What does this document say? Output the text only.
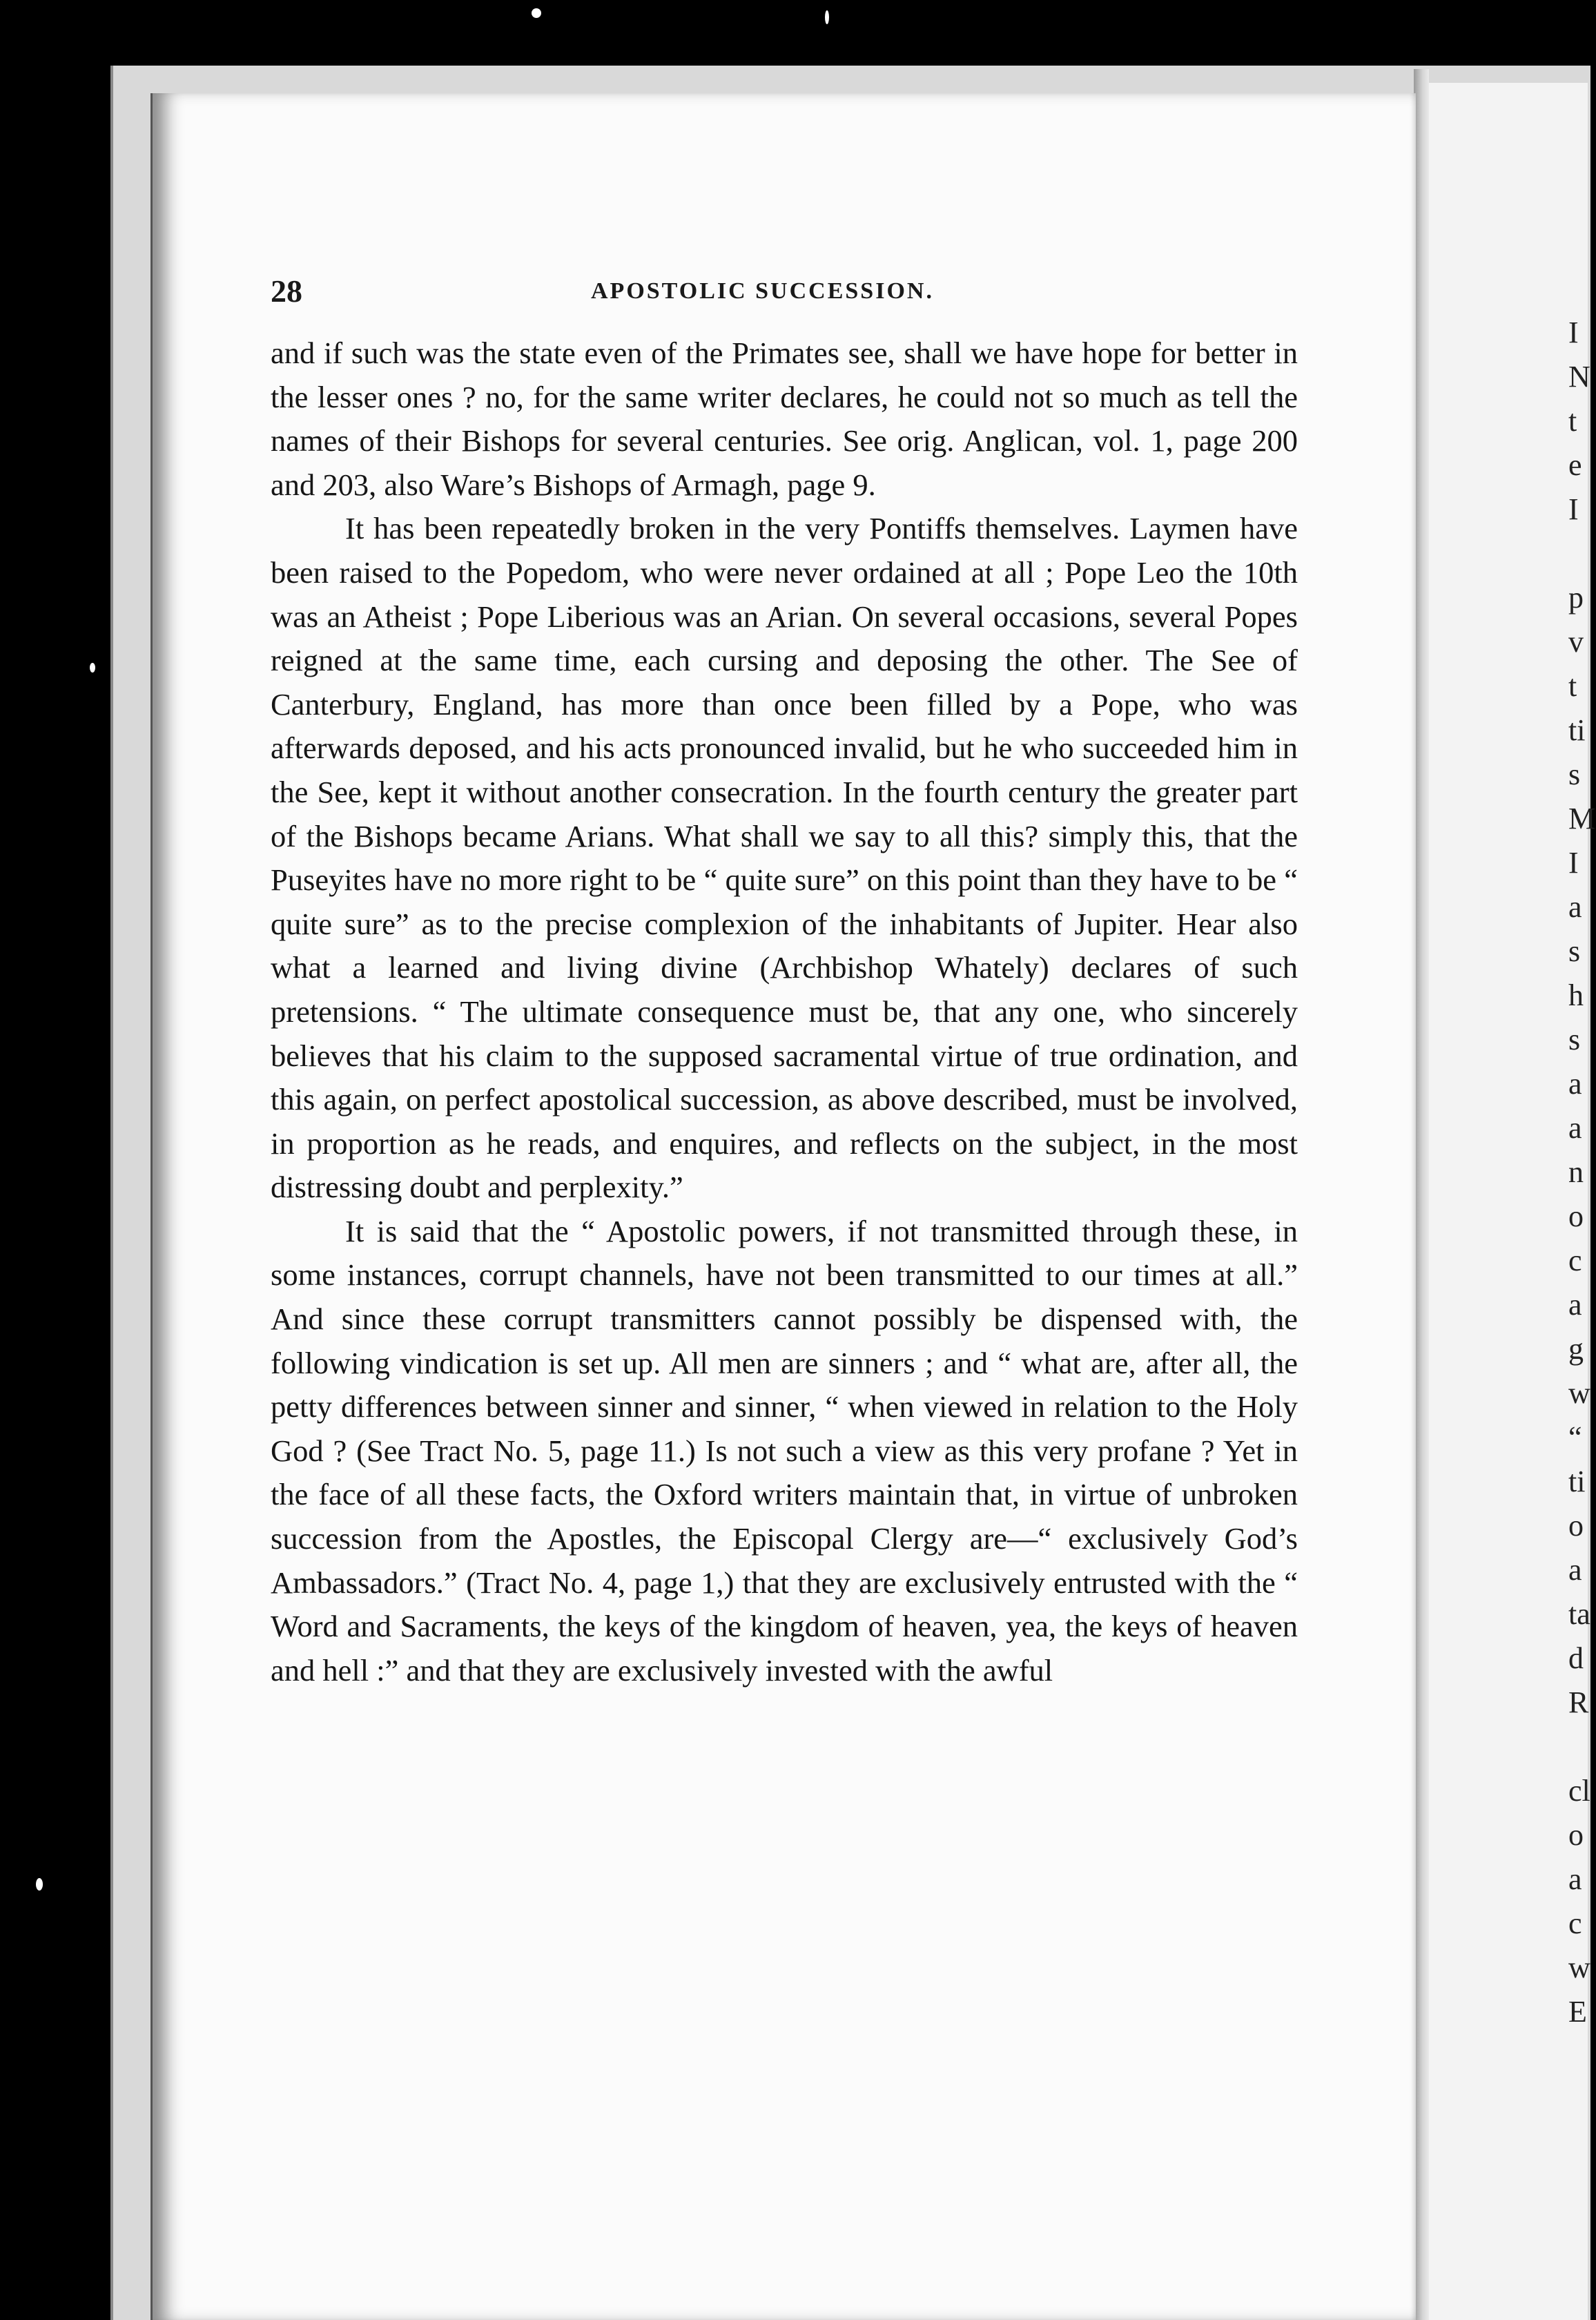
28	APOSTOLIC SUCCESSION.

and if such was the state even of the Primates see, shall we have hope for better in the lesser ones ? no, for the same writer declares, he could not so much as tell the names of their Bishops for several centuries. See orig. Anglican, vol. 1, page 200 and 203, also Ware’s Bishops of Armagh, page 9.

It has been repeatedly broken in the very Pontiffs themselves. Laymen have been raised to the Popedom, who were never ordained at all ; Pope Leo the 10th was an Atheist ; Pope Liberious was an Arian. On several occasions, several Popes reigned at the same time, each cursing and deposing the other. The See of Canterbury, England, has more than once been filled by a Pope, who was afterwards deposed, and his acts pronounced invalid, but he who succeeded him in the See, kept it without another consecration. In the fourth century the greater part of the Bishops became Arians. What shall we say to all this? simply this, that the Puseyites have no more right to be “ quite sure” on this point than they have to be “ quite sure” as to the precise complexion of the inhabitants of Jupiter. Hear also what a learned and living divine (Archbishop Whately) declares of such pretensions. “ The ultimate consequence must be, that any one, who sincerely believes that his claim to the supposed sacramental virtue of true ordination, and this again, on perfect apostolical succession, as above described, must be involved, in proportion as he reads, and enquires, and reflects on the subject, in the most distressing doubt and perplexity.”

It is said that the “ Apostolic powers, if not transmitted through these, in some instances, corrupt channels, have not been transmitted to our times at all.” And since these corrupt transmitters cannot possibly be dispensed with, the following vindication is set up. All men are sinners ; and “ what are, after all, the petty differences between sinner and sinner, “ when viewed in relation to the Holy God ? (See Tract No. 5, page 11.) Is not such a view as this very profane ? Yet in the face of all these facts, the Oxford writers maintain that, in virtue of unbroken succession from the Apostles, the Episcopal Clergy are—“ exclusively God’s Ambassadors.” (Tract No. 4, page 1,) that they are exclusively entrusted with the “ Word and Sacraments, the keys of the kingdom of heaven, yea, the keys of heaven and hell :” and that they are exclusively invested with the awful

I
N
t
e
I
p
v
t
ti
s
M
I
a
s
h
s
a
a
n
o
c
a
g
w
“
ti
o
a
ta
d
R
cl
o
a
c
w
E
